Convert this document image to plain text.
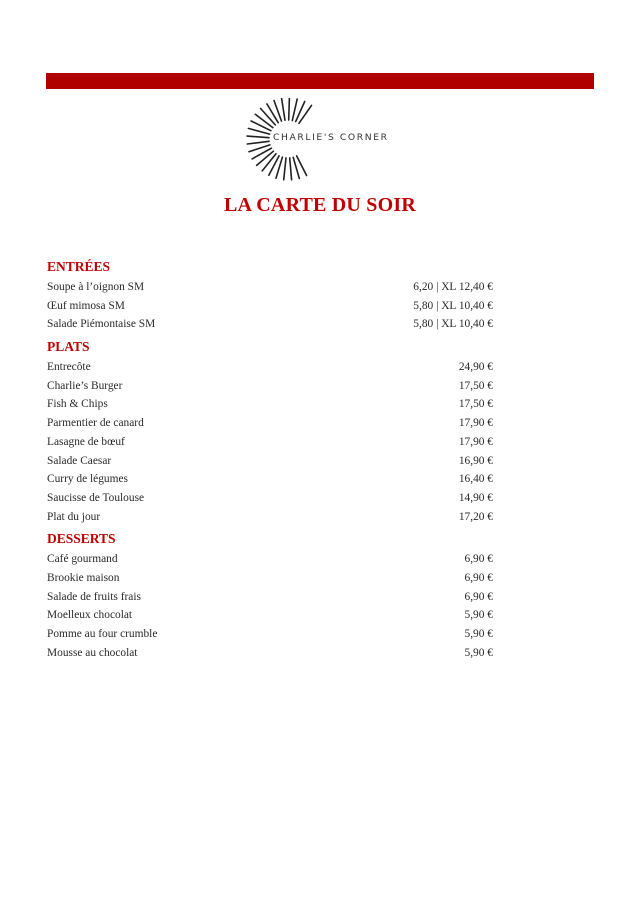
CHARLIE'S CORNER
LA CARTE DU SOIR
ENTRÉES
Soupe à l’oignon SM	6,20 | XL 12,40 €
Œuf mimosa SM	5,80 | XL 10,40 €
Salade Piémontaise SM	5,80 | XL 10,40 €
PLATS
Entrecôte	24,90 €
Charlie’s Burger	17,50 €
Fish & Chips	17,50 €
Parmentier de canard	17,90 €
Lasagne de bœuf	17,90 €
Salade Caesar	16,90 €
Curry de légumes	16,40 €
Saucisse de Toulouse	14,90 €
Plat du jour	17,20 €
DESSERTS
Café gourmand	6,90 €
Brookie maison	6,90 €
Salade de fruits frais	6,90 €
Moelleux chocolat	5,90 €
Pomme au four crumble	5,90 €
Mousse au chocolat	5,90 €
